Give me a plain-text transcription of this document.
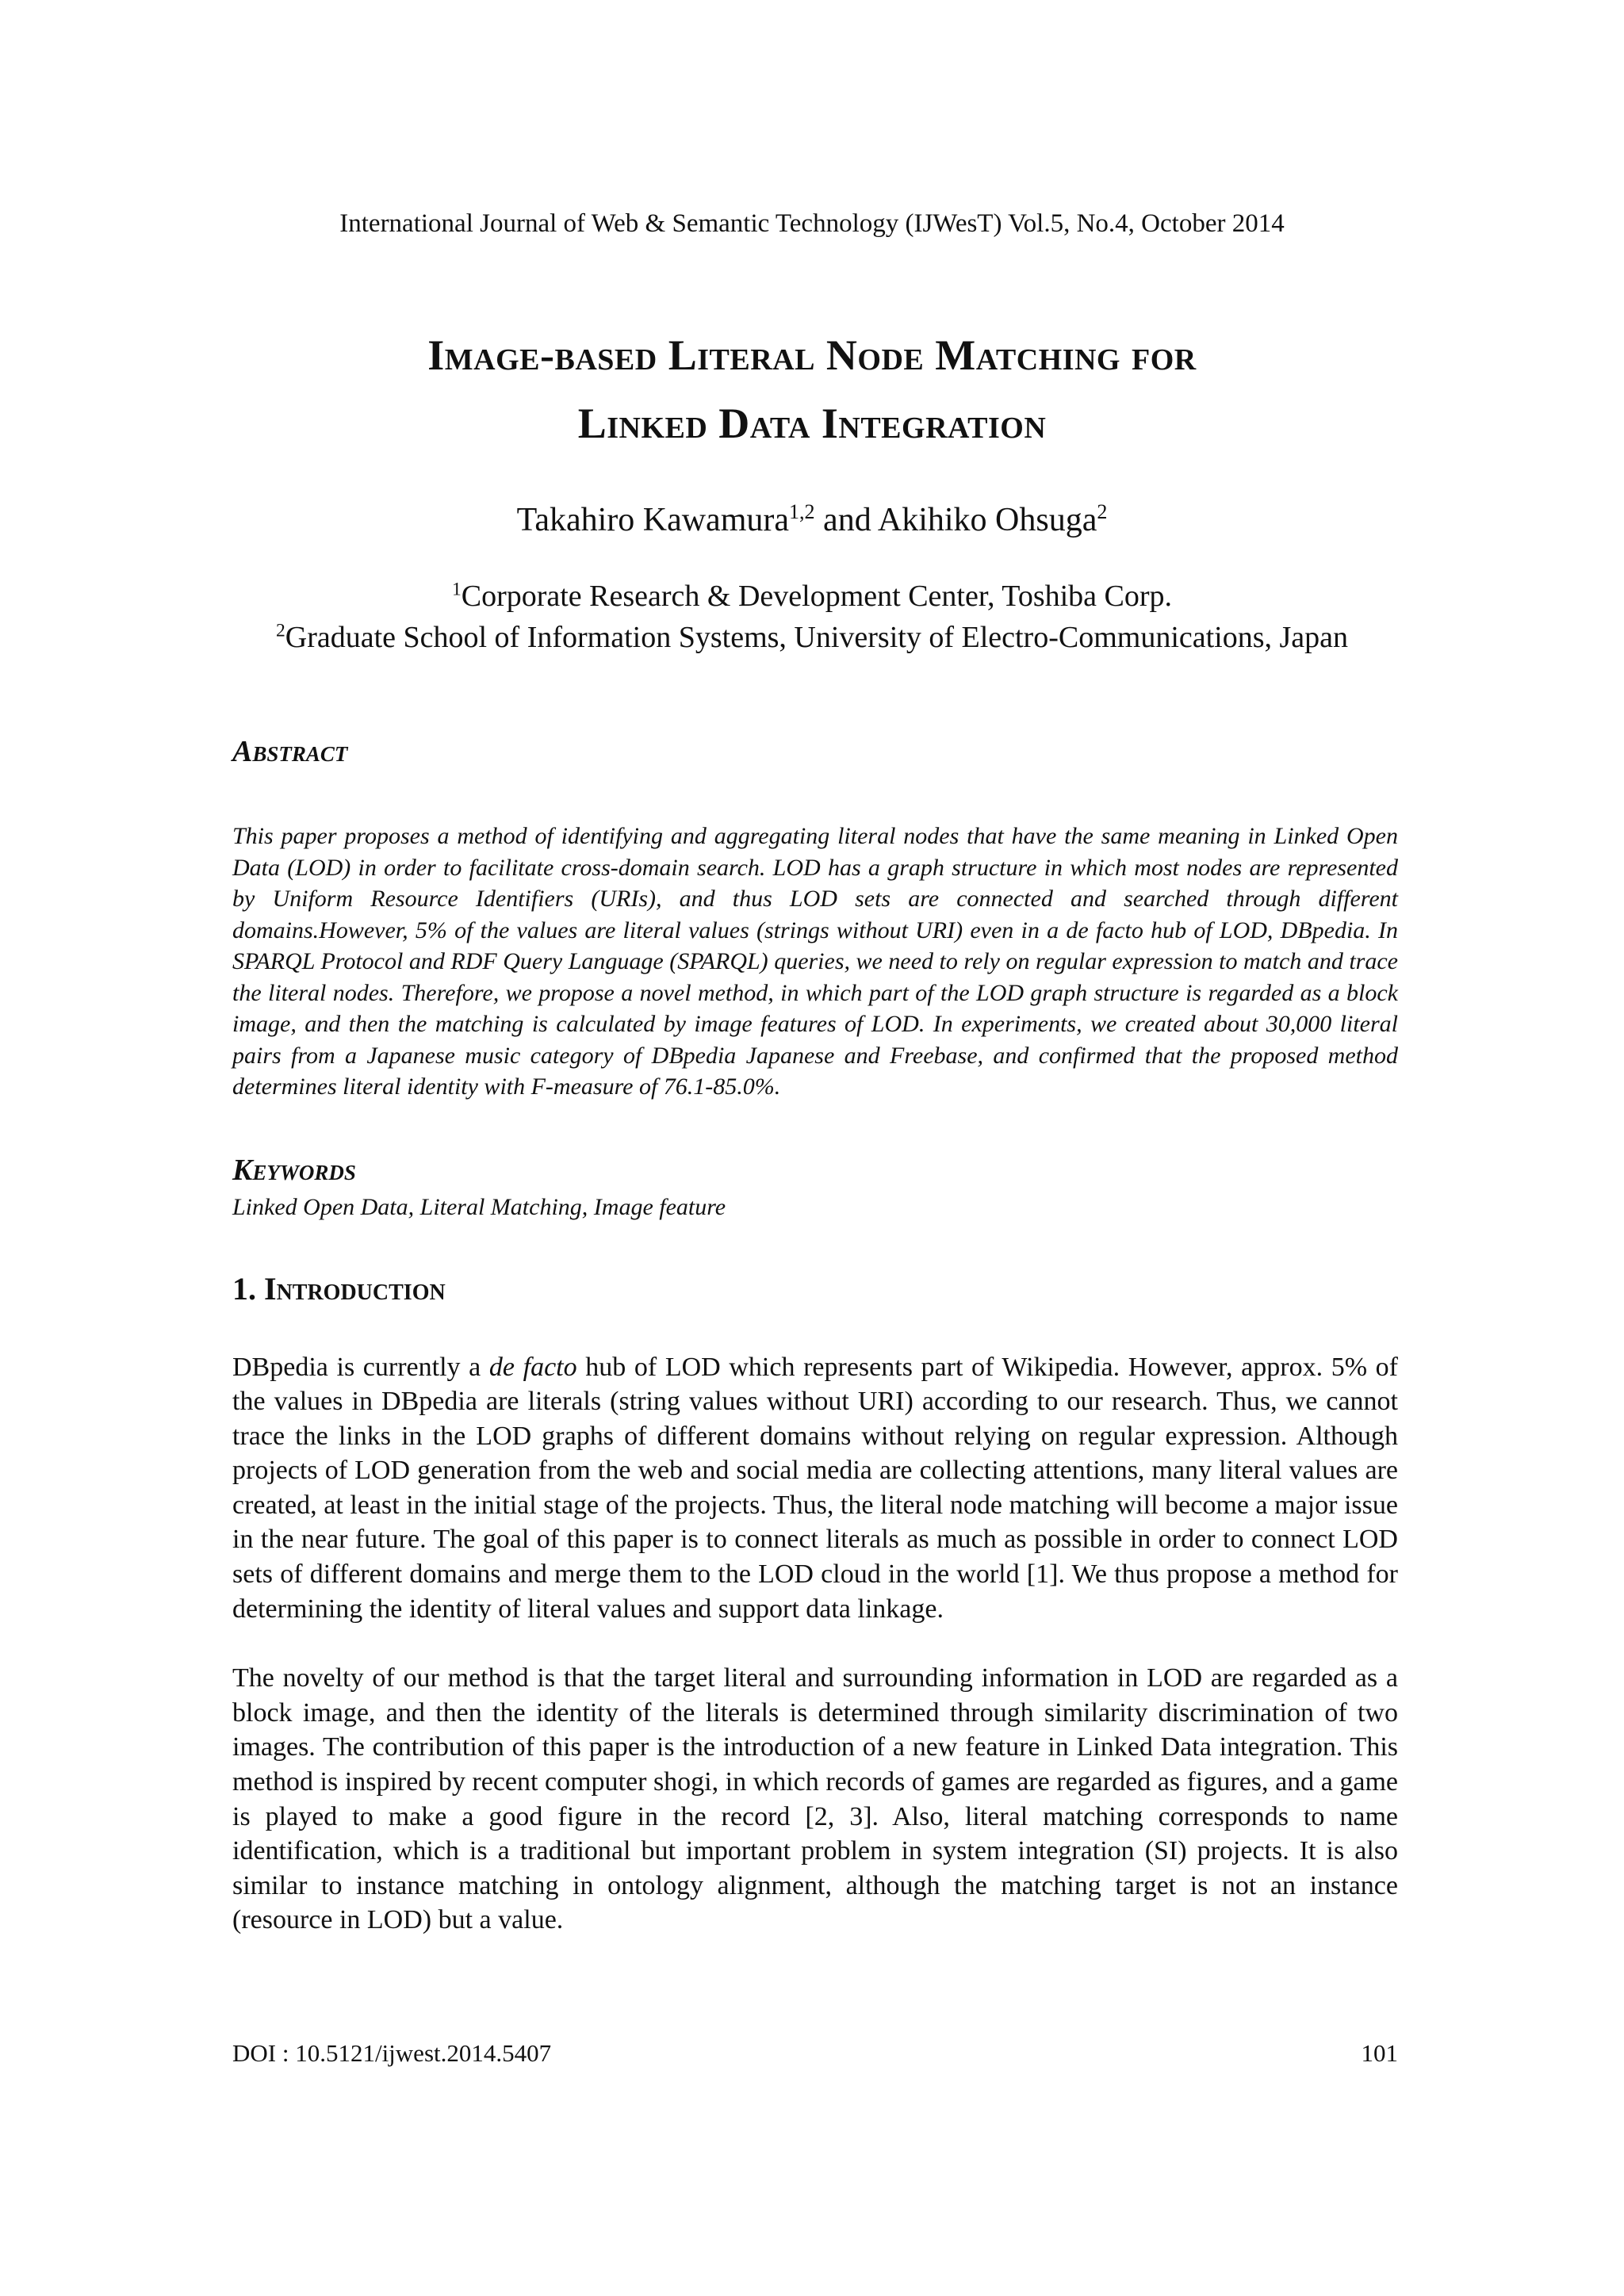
International Journal of Web & Semantic Technology (IJWesT) Vol.5, No.4, October 2014
Image-based Literal Node Matching for
Linked Data Integration
Takahiro Kawamura$^{1,2}$ and Akihiko Ohsuga$^2$
$^1$Corporate Research & Development Center, Toshiba Corp.
$^2$Graduate School of Information Systems, University of Electro-Communications, Japan
Abstract

This paper proposes a method of identifying and aggregating literal nodes that have the same meaning in Linked Open Data (LOD) in order to facilitate cross-domain search. LOD has a graph structure in which most nodes are represented by Uniform Resource Identifiers (URIs), and thus LOD sets are connected and searched through different domains.However, 5% of the values are literal values (strings without URI) even in a de facto hub of LOD, DBpedia. In SPARQL Protocol and RDF Query Language (SPARQL) queries, we need to rely on regular expression to match and trace the literal nodes. Therefore, we propose a novel method, in which part of the LOD graph structure is regarded as a block image, and then the matching is calculated by image features of LOD. In experiments, we created about 30,000 literal pairs from a Japanese music category of DBpedia Japanese and Freebase, and confirmed that the proposed method determines literal identity with F-measure of 76.1-85.0%.

Keywords

Linked Open Data, Literal Matching, Image feature

1. Introduction

DBpedia is currently a de facto hub of LOD which represents part of Wikipedia. However, approx. 5% of the values in DBpedia are literals (string values without URI) according to our research. Thus, we cannot trace the links in the LOD graphs of different domains without relying on regular expression. Although projects of LOD generation from the web and social media are collecting attentions, many literal values are created, at least in the initial stage of the projects. Thus, the literal node matching will become a major issue in the near future. The goal of this paper is to connect literals as much as possible in order to connect LOD sets of different domains and merge them to the LOD cloud in the world [1]. We thus propose a method for determining the identity of literal values and support data linkage.

The novelty of our method is that the target literal and surrounding information in LOD are regarded as a block image, and then the identity of the literals is determined through similarity discrimination of two images. The contribution of this paper is the introduction of a new feature in Linked Data integration. This method is inspired by recent computer shogi, in which records of games are regarded as figures, and a game is played to make a good figure in the record [2, 3]. Also, literal matching corresponds to name identification, which is a traditional but important problem in system integration (SI) projects. It is also similar to instance matching in ontology alignment, although the matching target is not an instance (resource in LOD) but a value.

DOI : 10.5121/ijwest.2014.5407	101
